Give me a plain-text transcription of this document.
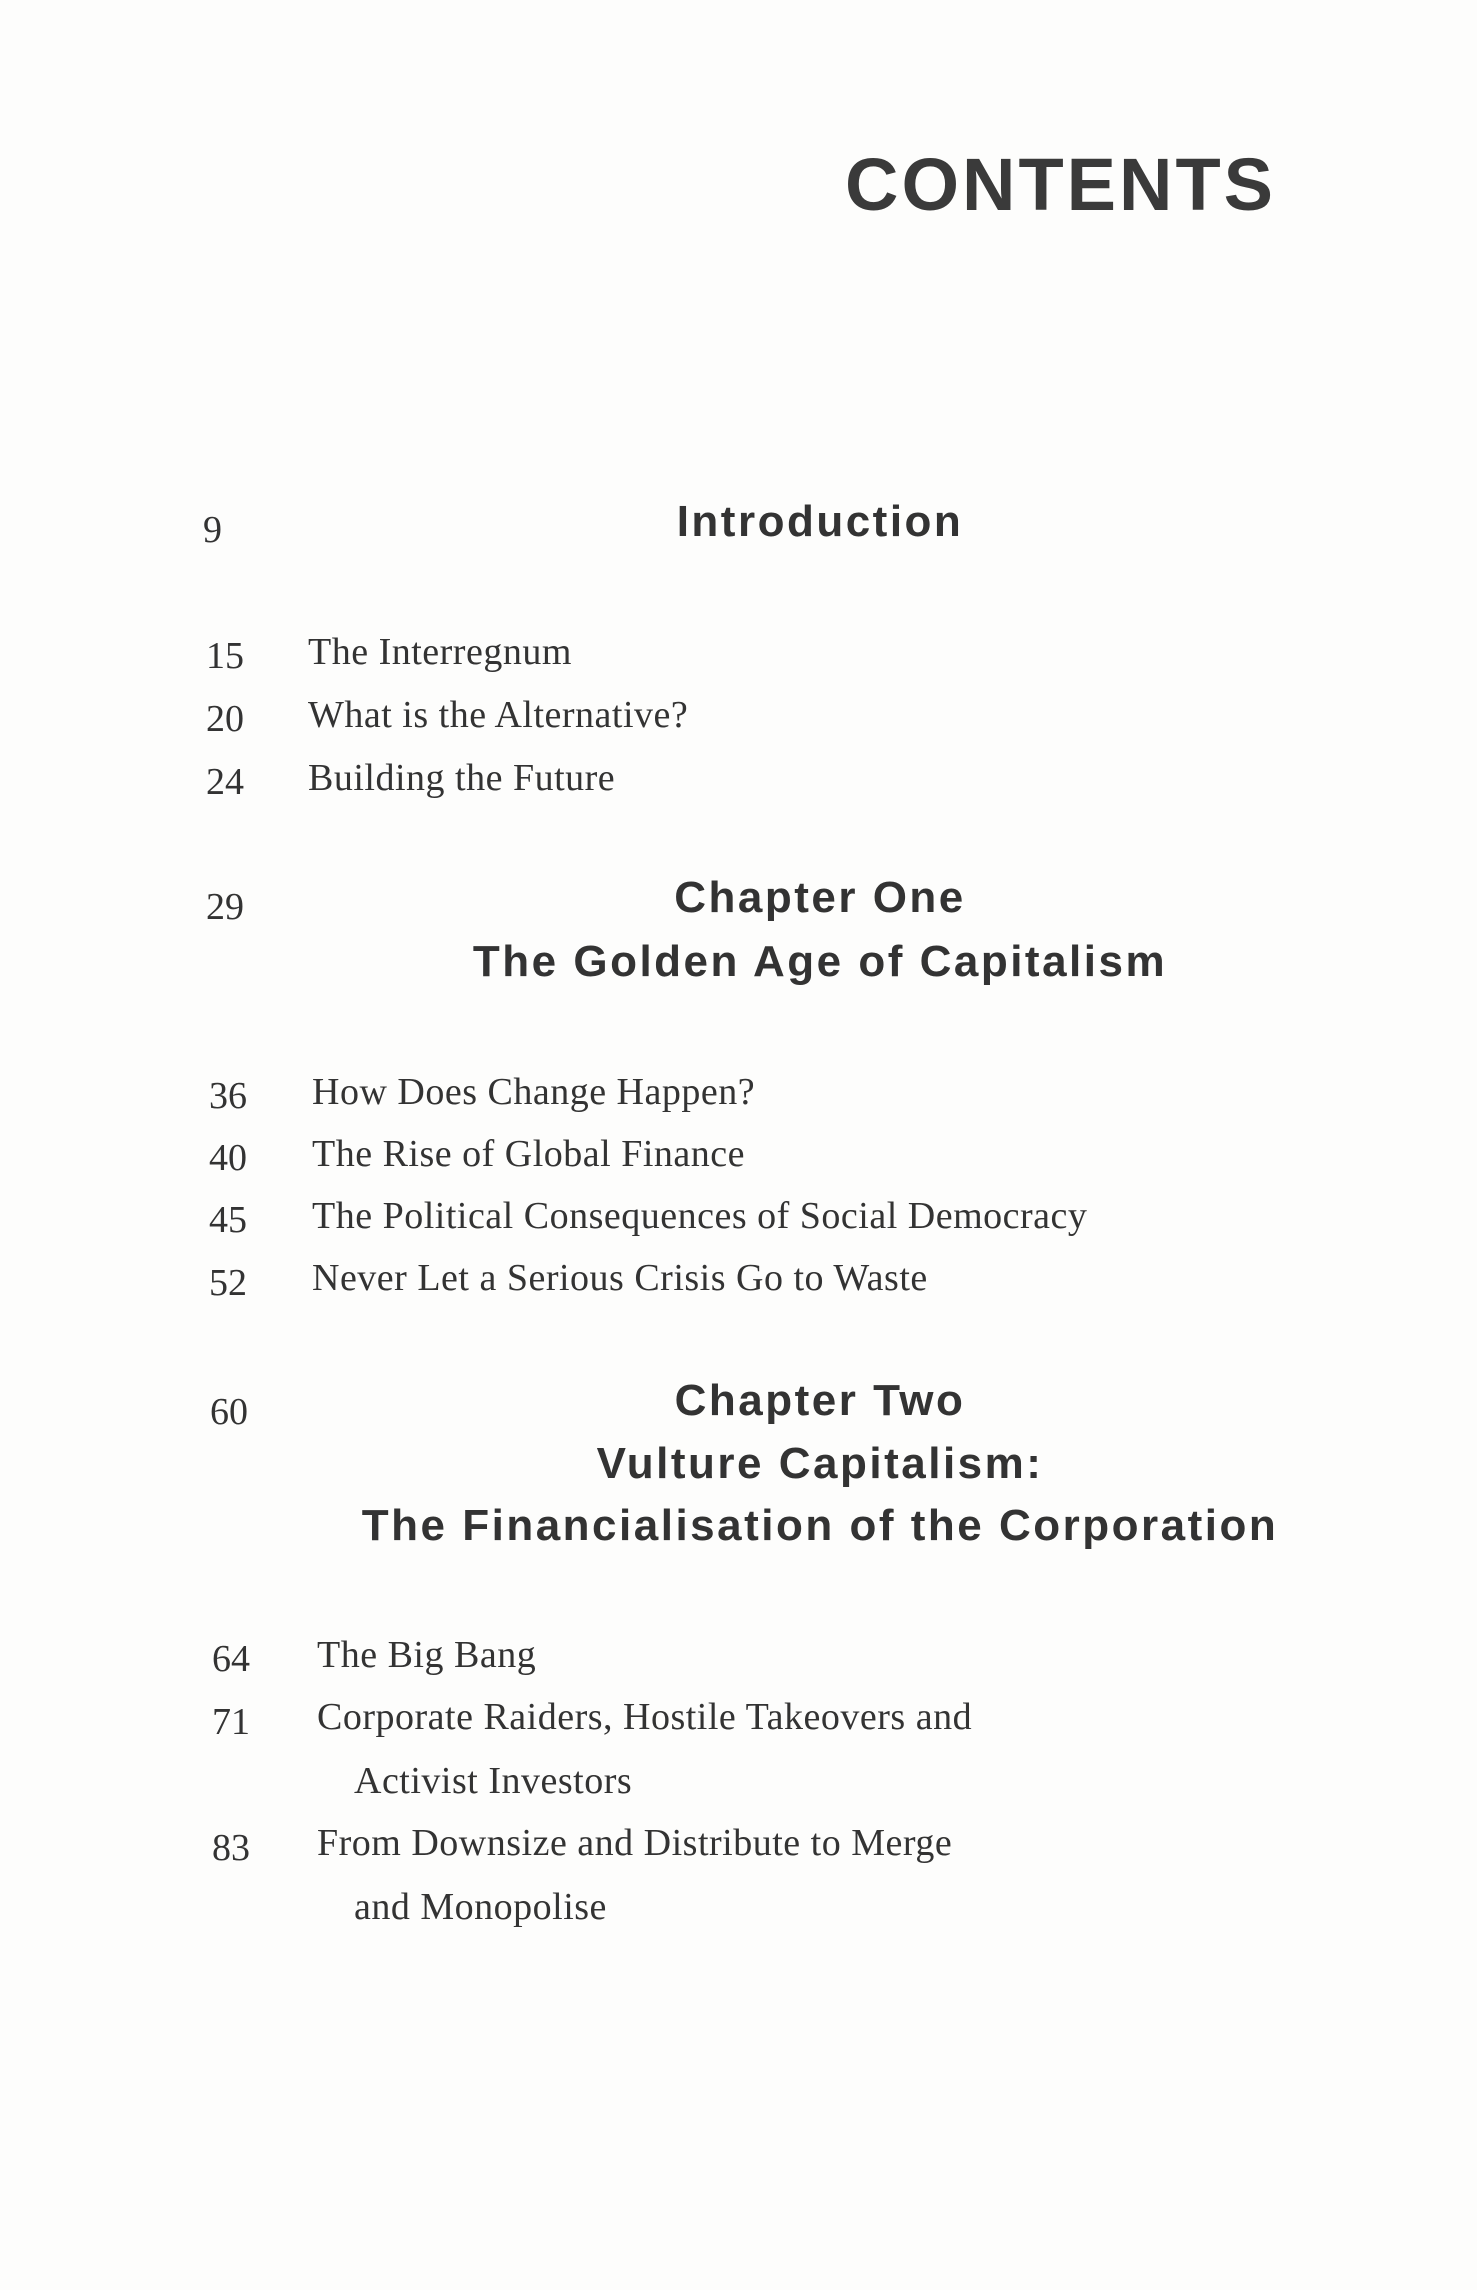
CONTENTS
9	Introduction
15 The Interregnum
20 What is the Alternative?
24 Building the Future
29	Chapter One
The Golden Age of Capitalism
36 How Does Change Happen?
40 The Rise of Global Finance
45 The Political Consequences of Social Democracy
52 Never Let a Serious Crisis Go to Waste
60	Chapter Two
Vulture Capitalism:
The Financialisation of the Corporation
64 The Big Bang
71 Corporate Raiders, Hostile Takeovers and
Activist Investors
83 From Downsize and Distribute to Merge
and Monopolise
